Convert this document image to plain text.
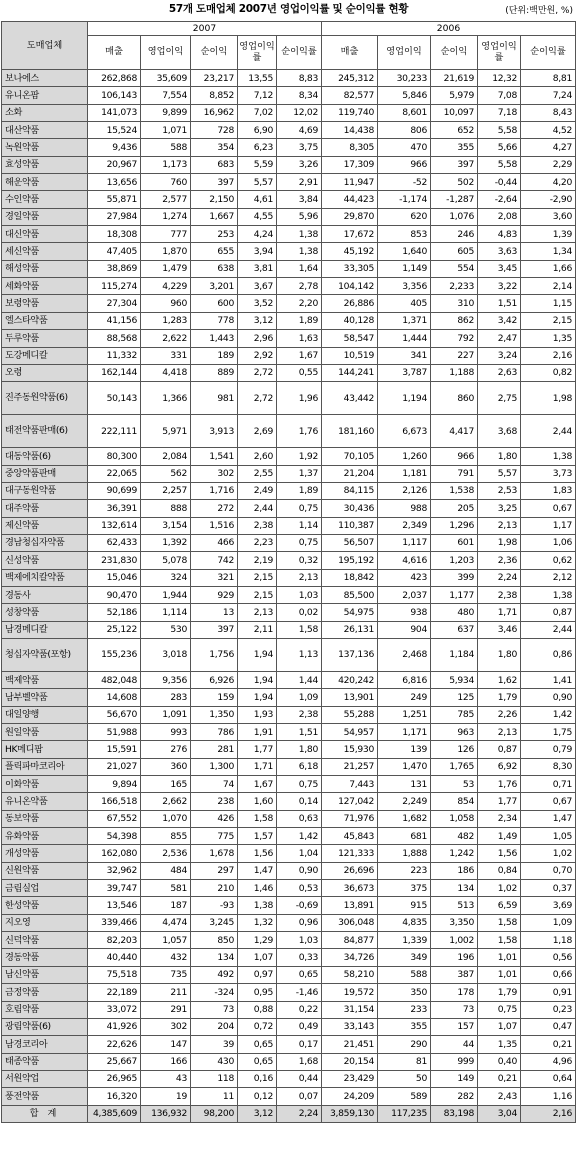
57개 도매업체 2007년 영업이익률 및 순이익률 현황	(단위:백만원, %)
도매업체	2007					2006				
	매출	영업이익	순이익	영업이익률	순이익률	매출	영업이익	순이익	영업이익률	순이익률
보나에스	262,868	35,609	23,217	13,55	8,83	245,312	30,233	21,619	12,32	8,81
유니온팜	106,143	7,554	8,852	7,12	8,34	82,577	5,846	5,979	7,08	7,24
소화	141,073	9,899	16,962	7,02	12,02	119,740	8,601	10,097	7,18	8,43
대산약품	15,524	1,071	728	6,90	4,69	14,438	806	652	5,58	4,52
녹원약품	9,436	588	354	6,23	3,75	8,305	470	355	5,66	4,27
효성약품	20,967	1,173	683	5,59	3,26	17,309	966	397	5,58	2,29
해운약품	13,656	760	397	5,57	2,91	11,947	-52	502	-0,44	4,20
수인약품	55,871	2,577	2,150	4,61	3,84	44,423	-1,174	-1,287	-2,64	-2,90
경일약품	27,984	1,274	1,667	4,55	5,96	29,870	620	1,076	2,08	3,60
대신약품	18,308	777	253	4,24	1,38	17,672	853	246	4,83	1,39
세신약품	47,405	1,870	655	3,94	1,38	45,192	1,640	605	3,63	1,34
해성약품	38,869	1,479	638	3,81	1,64	33,305	1,149	554	3,45	1,66
세화약품	115,274	4,229	3,201	3,67	2,78	104,142	3,356	2,233	3,22	2,14
보령약품	27,304	960	600	3,52	2,20	26,886	405	310	1,51	1,15
엘스타약품	41,156	1,283	778	3,12	1,89	40,128	1,371	862	3,42	2,15
두루약품	88,568	2,622	1,443	2,96	1,63	58,547	1,444	792	2,47	1,35
도강메디칼	11,332	331	189	2,92	1,67	10,519	341	227	3,24	2,16
오령	162,144	4,418	889	2,72	0,55	144,241	3,787	1,188	2,63	0,82
진주동원약품(6)	50,143	1,366	981	2,72	1,96	43,442	1,194	860	2,75	1,98
태전약품판매(6)	222,111	5,971	3,913	2,69	1,76	181,160	6,673	4,417	3,68	2,44
대동약품(6)	80,300	2,084	1,541	2,60	1,92	70,105	1,260	966	1,80	1,38
중앙약품판매	22,065	562	302	2,55	1,37	21,204	1,181	791	5,57	3,73
대구동원약품	90,699	2,257	1,716	2,49	1,89	84,115	2,126	1,538	2,53	1,83
대주약품	36,391	888	272	2,44	0,75	30,436	988	205	3,25	0,67
제신약품	132,614	3,154	1,516	2,38	1,14	110,387	2,349	1,296	2,13	1,17
경남청십자약품	62,433	1,392	466	2,23	0,75	56,507	1,117	601	1,98	1,06
신성약품	231,830	5,078	742	2,19	0,32	195,192	4,616	1,203	2,36	0,62
백제에치칼약품	15,046	324	321	2,15	2,13	18,842	423	399	2,24	2,12
경동사	90,470	1,944	929	2,15	1,03	85,500	2,037	1,177	2,38	1,38
성창약품	52,186	1,114	13	2,13	0,02	54,975	938	480	1,71	0,87
남경메디칼	25,122	530	397	2,11	1,58	26,131	904	637	3,46	2,44
청십자약품(포항)	155,236	3,018	1,756	1,94	1,13	137,136	2,468	1,184	1,80	0,86
백제약품	482,048	9,356	6,926	1,94	1,44	420,242	6,816	5,934	1,62	1,41
남부벨약품	14,608	283	159	1,94	1,09	13,901	249	125	1,79	0,90
대일양행	56,670	1,091	1,350	1,93	2,38	55,288	1,251	785	2,26	1,42
원일약품	51,988	993	786	1,91	1,51	54,957	1,171	963	2,13	1,75
HK메디팜	15,591	276	281	1,77	1,80	15,930	139	126	0,87	0,79
플릭파마코리아	21,027	360	1,300	1,71	6,18	21,257	1,470	1,765	6,92	8,30
이화약품	9,894	165	74	1,67	0,75	7,443	131	53	1,76	0,71
유니온약품	166,518	2,662	238	1,60	0,14	127,042	2,249	854	1,77	0,67
동보약품	67,552	1,070	426	1,58	0,63	71,976	1,682	1,058	2,34	1,47
유화약품	54,398	855	775	1,57	1,42	45,843	681	482	1,49	1,05
개성약품	162,080	2,536	1,678	1,56	1,04	121,333	1,888	1,242	1,56	1,02
신원약품	32,962	484	297	1,47	0,90	26,696	223	186	0,84	0,70
금림실업	39,747	581	210	1,46	0,53	36,673	375	134	1,02	0,37
한성약품	13,546	187	-93	1,38	-0,69	13,891	915	513	6,59	3,69
지오영	339,466	4,474	3,245	1,32	0,96	306,048	4,835	3,350	1,58	1,09
신덕약품	82,203	1,057	850	1,29	1,03	84,877	1,339	1,002	1,58	1,18
경동약품	40,440	432	134	1,07	0,33	34,726	349	196	1,01	0,56
남신약품	75,518	735	492	0,97	0,65	58,210	588	387	1,01	0,66
금정약품	22,189	211	-324	0,95	-1,46	19,572	350	178	1,79	0,91
호림약품	33,072	291	73	0,88	0,22	31,154	233	73	0,75	0,23
광림약품(6)	41,926	302	204	0,72	0,49	33,143	355	157	1,07	0,47
남경코리아	22,626	147	39	0,65	0,17	21,451	290	44	1,35	0,21
태종약품	25,667	166	430	0,65	1,68	20,154	81	999	0,40	4,96
서원약업	26,965	43	118	0,16	0,44	23,429	50	149	0,21	0,64
풍전약품	16,320	19	11	0,12	0,07	24,209	589	282	2,43	1,16
합 계	4,385,609	136,932	98,200	3,12	2,24	3,859,130	117,235	83,198	3,04	2,16
